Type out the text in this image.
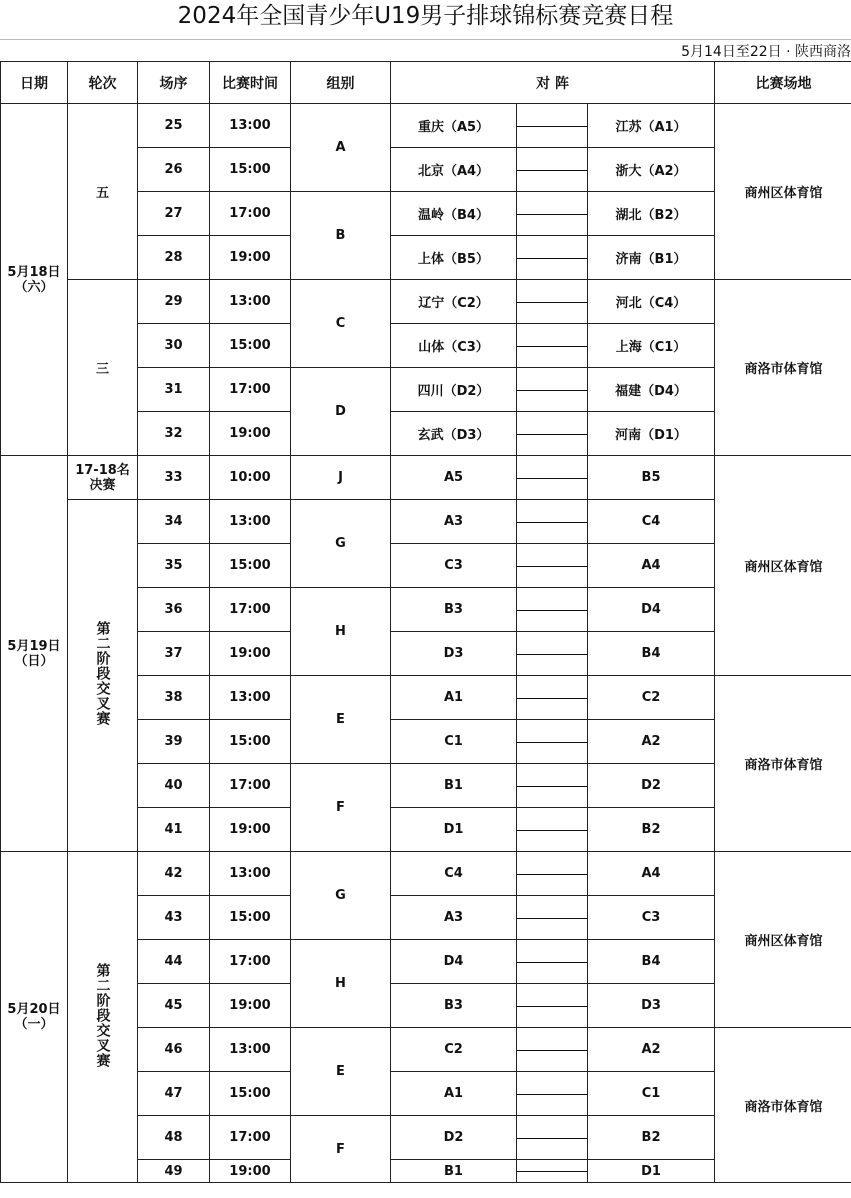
2024年全国青少年U19男子排球锦标赛竞赛日程
5月14日至22日 · 陕西商洛
日期	轮次	场序	比赛时间	组别	对 阵			比赛场地
5月18日
（六）	五	25	13:00	A	重庆（A5）		江苏（A1）	商州区体育馆
		26	15:00		北京（A4）		浙大（A2）	
		27	17:00	B	温岭（B4）		湖北（B2）	
		28	19:00		上体（B5）		济南（B1）	
	三	29	13:00	C	辽宁（C2）		河北（C4）	商洛市体育馆
		30	15:00		山体（C3）		上海（C1）	
		31	17:00	D	四川（D2）		福建（D4）	
		32	19:00		玄武（D3）		河南（D1）	
5月19日
（日）	17-18名
决赛	33	10:00	J	A5		B5	商州区体育馆
	第二阶段交叉赛	34	13:00	G	A3		C4	
		35	15:00		C3		A4	
		36	17:00	H	B3		D4	
		37	19:00		D3		B4	
		38	13:00	E	A1		C2	商洛市体育馆
		39	15:00		C1		A2	
		40	17:00	F	B1		D2	
		41	19:00		D1		B2	
5月20日
（一）	第二阶段交叉赛	42	13:00	G	C4		A4	商州区体育馆
		43	15:00		A3		C3	
		44	17:00	H	D4		B4	
		45	19:00		B3		D3	
		46	13:00	E	C2		A2	商洛市体育馆
		47	15:00		A1		C1	
		48	17:00	F	D2		B2	
		49	19:00		B1		D1	
